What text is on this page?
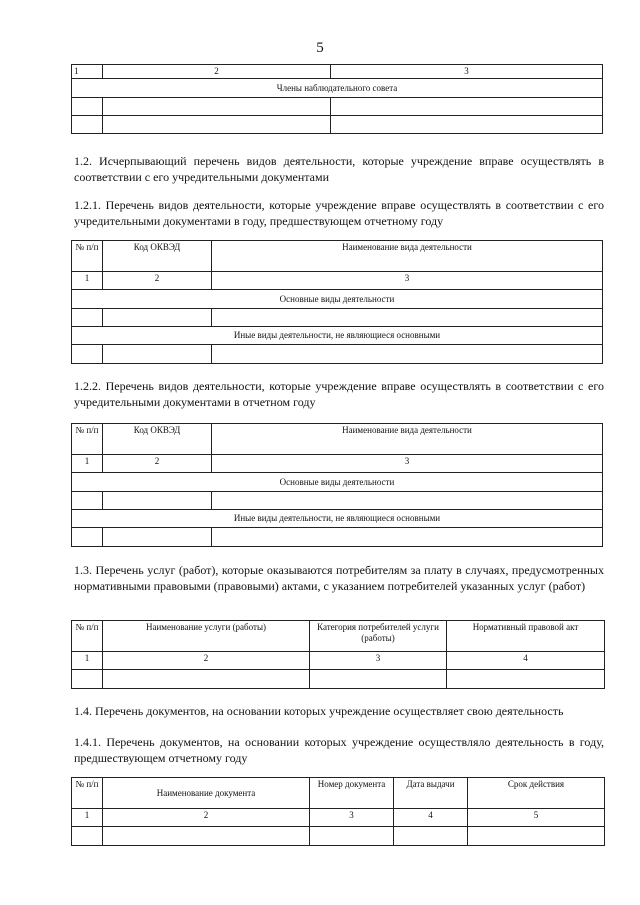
5
1	2	3
Члены наблюдательного совета		

1.2. Исчерпывающий перечень видов деятельности, которые учреждение вправе осуществлять в соответствии с его учредительными документами
1.2.1. Перечень видов деятельности, которые учреждение вправе осуществлять в соответствии с его учредительными документами в году, предшествующем отчетному году
№ п/п	Код ОКВЭД	Наименование вида деятельности
1	2	3
Основные виды деятельности		

Иные виды деятельности, не являющиеся основными		

1.2.2. Перечень видов деятельности, которые учреждение вправе осуществлять в соответствии с его учредительными документами в отчетном году
№ п/п	Код ОКВЭД	Наименование вида деятельности
1	2	3
Основные виды деятельности		

Иные виды деятельности, не являющиеся основными		

1.3. Перечень услуг (работ), которые оказываются потребителям за плату в случаях, предусмотренных нормативными правовыми (правовыми) актами, с указанием потребителей указанных услуг (работ)
№ п/п	Наименование услуги (работы)	Категория потребителей услуги (работы)	Нормативный правовой акт
1	2	3	4

1.4. Перечень документов, на основании которых учреждение осуществляет свою деятельность
1.4.1. Перечень документов, на основании которых учреждение осуществляло деятельность в году, предшествующем отчетному году
№ п/п	Наименование документа	Номер документа	Дата выдачи	Срок действия
1	2	3	4	5
